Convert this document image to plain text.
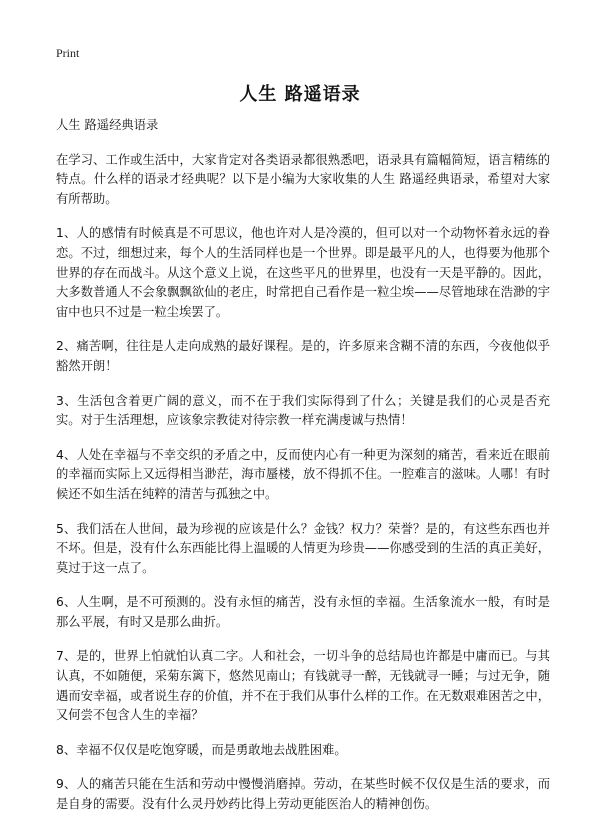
Print
人生 路遥语录

人生 路遥经典语录

在学习、工作或生活中，大家肯定对各类语录都很熟悉吧，语录具有篇幅简短，语言精练的特点。什么样的语录才经典呢？以下是小编为大家收集的人生 路遥经典语录，希望对大家有所帮助。

1、人的感情有时候真是不可思议，他也许对人是冷漠的，但可以对一个动物怀着永远的眷恋。不过，细想过来，每个人的生活同样也是一个世界。即是最平凡的人，也得要为他那个世界的存在而战斗。从这个意义上说，在这些平凡的世界里，也没有一天是平静的。因此，大多数普通人不会象飘飘欲仙的老庄，时常把自己看作是一粒尘埃——尽管地球在浩渺的宇宙中也只不过是一粒尘埃罢了。

2、痛苦啊，往往是人走向成熟的最好课程。是的，许多原来含糊不清的东西，今夜他似乎豁然开朗！

3、生活包含着更广阔的意义，而不在于我们实际得到了什么；关键是我们的心灵是否充实。对于生活理想，应该象宗教徒对待宗教一样充满虔诚与热情！

4、人处在幸福与不幸交织的矛盾之中，反而使内心有一种更为深刻的痛苦，看来近在眼前的幸福而实际上又远得相当渺茫，海市蜃楼，放不得抓不住。一腔难言的滋味。人哪！有时候还不如生活在纯粹的清苦与孤独之中。

5、我们活在人世间，最为珍视的应该是什么？金钱？权力？荣誉？是的，有这些东西也并不坏。但是，没有什么东西能比得上温暖的人情更为珍贵——你感受到的生活的真正美好，莫过于这一点了。

6、人生啊，是不可预测的。没有永恒的痛苦，没有永恒的幸福。生活象流水一般，有时是那么平展，有时又是那么曲折。

7、是的，世界上怕就怕认真二字。人和社会，一切斗争的总结局也许都是中庸而已。与其认真，不如随便，采菊东篱下，悠然见南山；有钱就寻一醉，无钱就寻一睡；与过无争，随遇而安幸福，或者说生存的价值，并不在于我们从事什么样的工作。在无数艰难困苦之中，又何尝不包含人生的幸福？

8、幸福不仅仅是吃饱穿暖，而是勇敢地去战胜困难。

9、人的痛苦只能在生活和劳动中慢慢消磨掉。劳动，在某些时候不仅仅是生活的要求，而是自身的需要。没有什么灵丹妙药比得上劳动更能医治人的精神创伤。
